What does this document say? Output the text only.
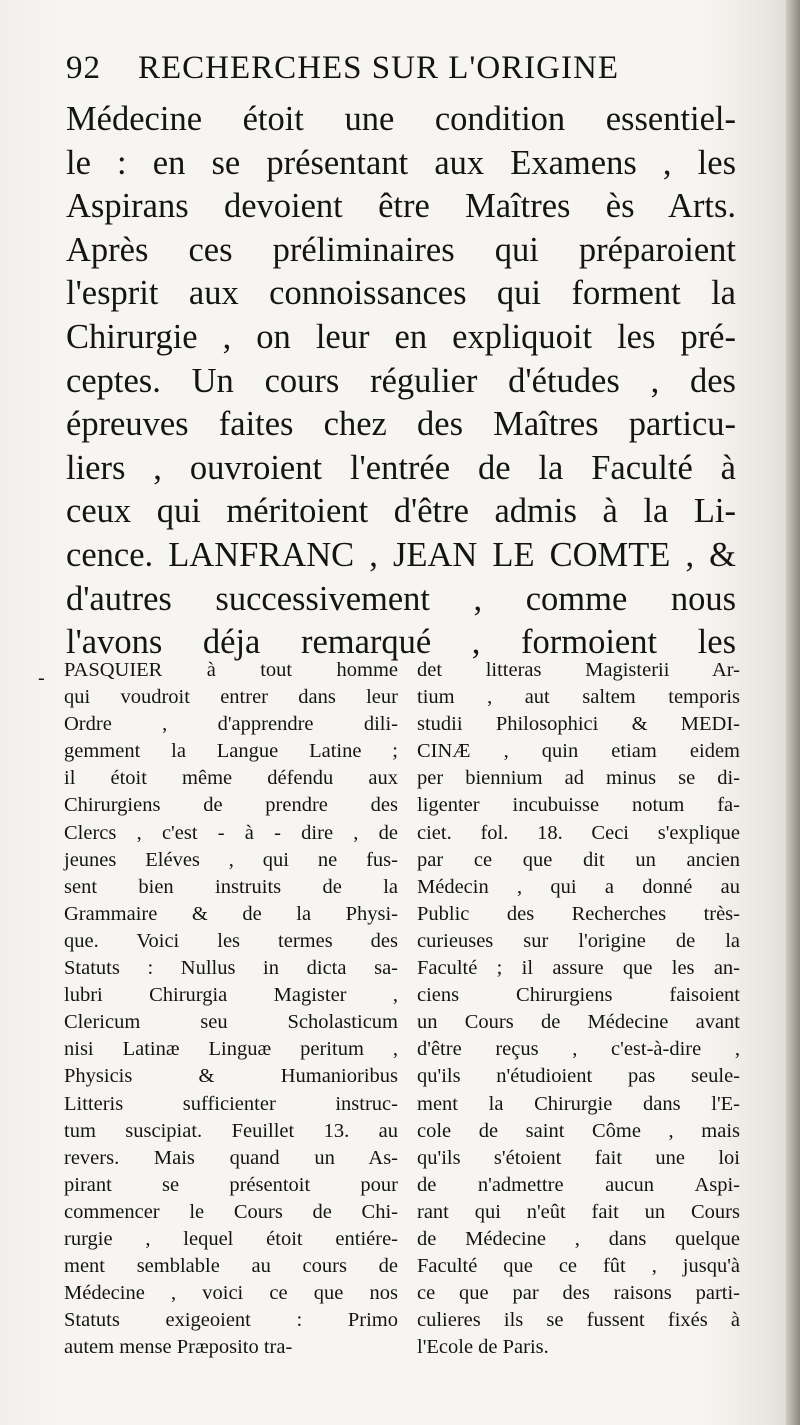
92 RECHERCHES SUR L'ORIGINE
Médecine étoit une condition essentiel-
le : en se présentant aux Examens , les
Aspirans devoient être Maîtres ès Arts.
Après ces préliminaires qui préparoient
l'esprit aux connoissances qui forment la
Chirurgie , on leur en expliquoit les pré-
ceptes. Un cours régulier d'études , des
épreuves faites chez des Maîtres particu-
liers , ouvroient l'entrée de la Faculté à
ceux qui méritoient d'être admis à la Li-
cence. LANFRANC , JEAN LE COMTE , &
d'autres successivement , comme nous
l'avons déja remarqué , formoient les
- PASQUIER à tout homme
qui voudroit entrer dans leur
Ordre , d'apprendre dili-
gemment la Langue Latine ;
il étoit même défendu aux
Chirurgiens de prendre des
Clercs , c'est - à - dire , de
jeunes Eléves , qui ne fus-
sent bien instruits de la
Grammaire & de la Physi-
que. Voici les termes des
Statuts : Nullus in dicta sa-
lubri Chirurgia Magister ,
Clericum seu Scholasticum
nisi Latinæ Linguæ peritum ,
Physicis & Humanioribus
Litteris sufficienter instruc-
tum suscipiat. Feuillet 13. au
revers. Mais quand un As-
pirant se présentoit pour
commencer le Cours de Chi-
rurgie , lequel étoit entiére-
ment semblable au cours de
Médecine , voici ce que nos
Statuts exigeoient : Primo
autem mense Præposito tra-
det litteras Magisterii Ar-
tium , aut saltem temporis
studii Philosophici & MEDI-
CINÆ , quin etiam eidem
per biennium ad minus se di-
ligenter incubuisse notum fa-
ciet. fol. 18. Ceci s'explique
par ce que dit un ancien
Médecin , qui a donné au
Public des Recherches très-
curieuses sur l'origine de la
Faculté ; il assure que les an-
ciens Chirurgiens faisoient
un Cours de Médecine avant
d'être reçus , c'est-à-dire ,
qu'ils n'étudioient pas seule-
ment la Chirurgie dans l'E-
cole de saint Côme , mais
qu'ils s'étoient fait une loi
de n'admettre aucun Aspi-
rant qui n'eût fait un Cours
de Médecine , dans quelque
Faculté que ce fût , jusqu'à
ce que par des raisons parti-
culieres ils se fussent fixés à
l'Ecole de Paris.
